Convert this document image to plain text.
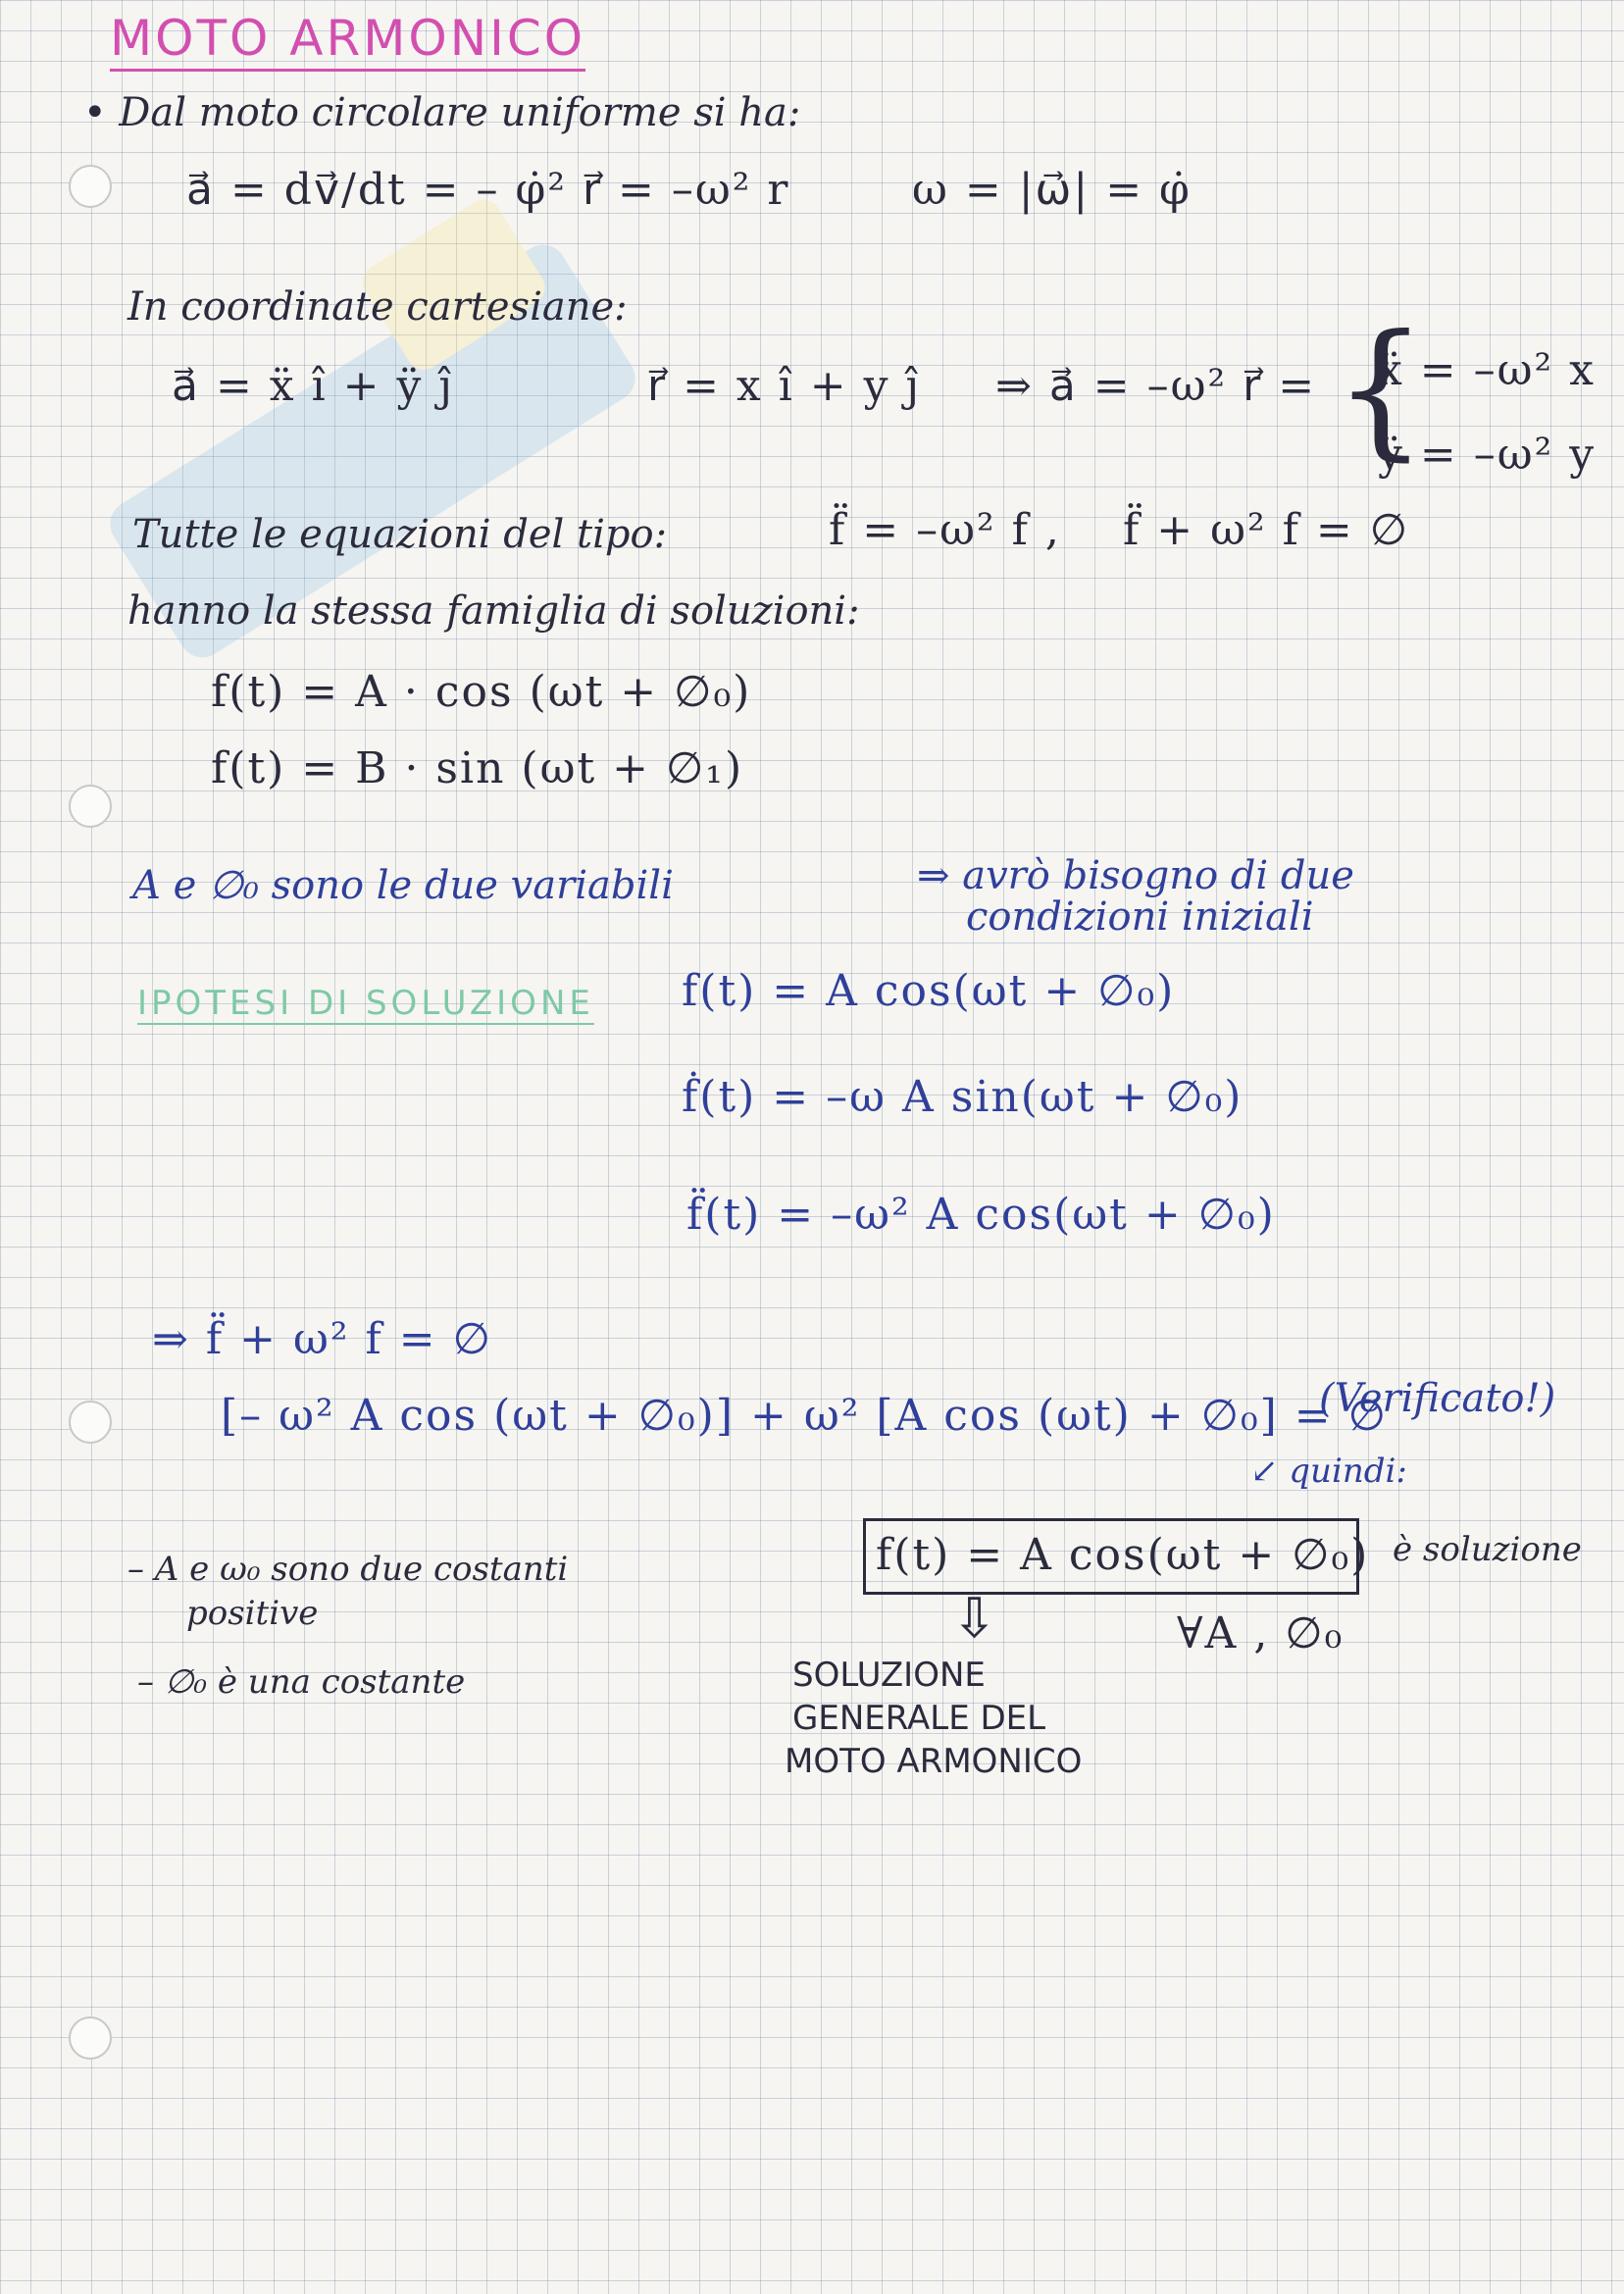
MOTO ARMONICO
• Dal moto circolare uniforme si ha:
a⃗ = dv⃗/dt = – φ̇² r⃗ = –ω² r	ω = |ω⃗| = φ̇
In coordinate cartesiane:
a⃗ = ẍ î + ÿ ĵ	r⃗ = x î + y ĵ ⇒ a⃗ = –ω² r⃗ = {
ẍ = –ω² x
ÿ = –ω² y
Tutte le equazioni del tipo:	f̈ = –ω² f , f̈ + ω² f = ∅
hanno la stessa famiglia di soluzioni:
f(t) = A · cos (ωt + ∅₀)
f(t) = B · sin (ωt + ∅₁)
A e ∅₀ sono le due variabili	⇒ avrò bisogno di due
condizioni iniziali
IPOTESI DI SOLUZIONE f(t) = A cos(ωt + ∅₀)
ḟ(t) = –ω A sin(ωt + ∅₀)
f̈(t) = –ω² A cos(ωt + ∅₀)
⇒ f̈ + ω² f = ∅
[– ω² A cos (ωt + ∅₀)] + ω² [A cos (ωt) + ∅₀] = ∅
(Verificato!)
↙ quindi:
f(t) = A cos(ωt + ∅₀) è soluzione
∀A , ∅₀
⇩
– A e ω₀ sono due costanti
positive
– ∅₀ è una costante	SOLUZIONE
GENERALE DEL
MOTO ARMONICO
